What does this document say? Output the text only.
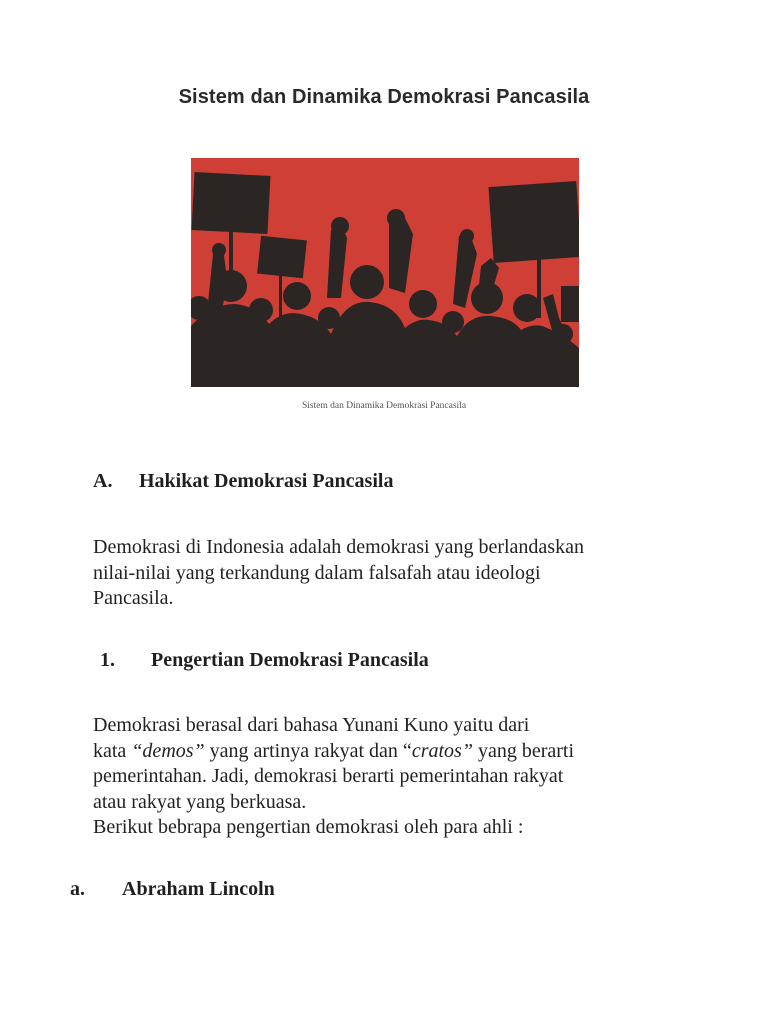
Sistem dan Dinamika Demokrasi Pancasila
Sistem dan Dinamika Demokrasi Pancasila
A. Hakikat Demokrasi Pancasila
Demokrasi di Indonesia adalah demokrasi yang berlandaskan
nilai-nilai yang terkandung dalam falsafah atau ideologi
Pancasila.
1. Pengertian Demokrasi Pancasila
Demokrasi berasal dari bahasa Yunani Kuno yaitu dari
kata “demos” yang artinya rakyat dan “cratos” yang berarti
pemerintahan. Jadi, demokrasi berarti pemerintahan rakyat
atau rakyat yang berkuasa.
Berikut bebrapa pengertian demokrasi oleh para ahli :
a. Abraham Lincoln
